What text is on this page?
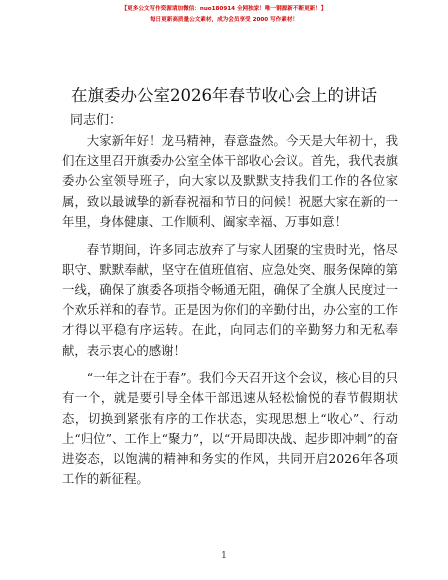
【更多公文写作资源请加微信：nuo180914 全网独家！唯一钢源新不断更新！】
每日更新高质量公文素材，成为会员享受 2000 写作素材！
在旗委办公室2026年春节收心会上的讲话
同志们：

大家新年好！龙马精神，春意盎然。今天是大年初十，我们在这里召开旗委办公室全体干部收心会议。首先，我代表旗委办公室领导班子，向大家以及默默支持我们工作的各位家属，致以最诚挚的新春祝福和节日的问候！祝愿大家在新的一年里，身体健康、工作顺利、阖家幸福、万事如意！

春节期间，许多同志放弃了与家人团聚的宝贵时光，恪尽职守、默默奉献，坚守在值班值宿、应急处突、服务保障的第一线，确保了旗委各项指令畅通无阻，确保了全旗人民度过一个欢乐祥和的春节。正是因为你们的辛勤付出，办公室的工作才得以平稳有序运转。在此，向同志们的辛勤努力和无私奉献，表示衷心的感谢！

“一年之计在于春”。我们今天召开这个会议，核心目的只有一个，就是要引导全体干部迅速从轻松愉悦的春节假期状态，切换到紧张有序的工作状态，实现思想上“收心”、行动上“归位”、工作上“聚力”，以“开局即决战、起步即冲刺”的奋进姿态，以饱满的精神和务实的作风，共同开启2026年各项工作的新征程。

1
